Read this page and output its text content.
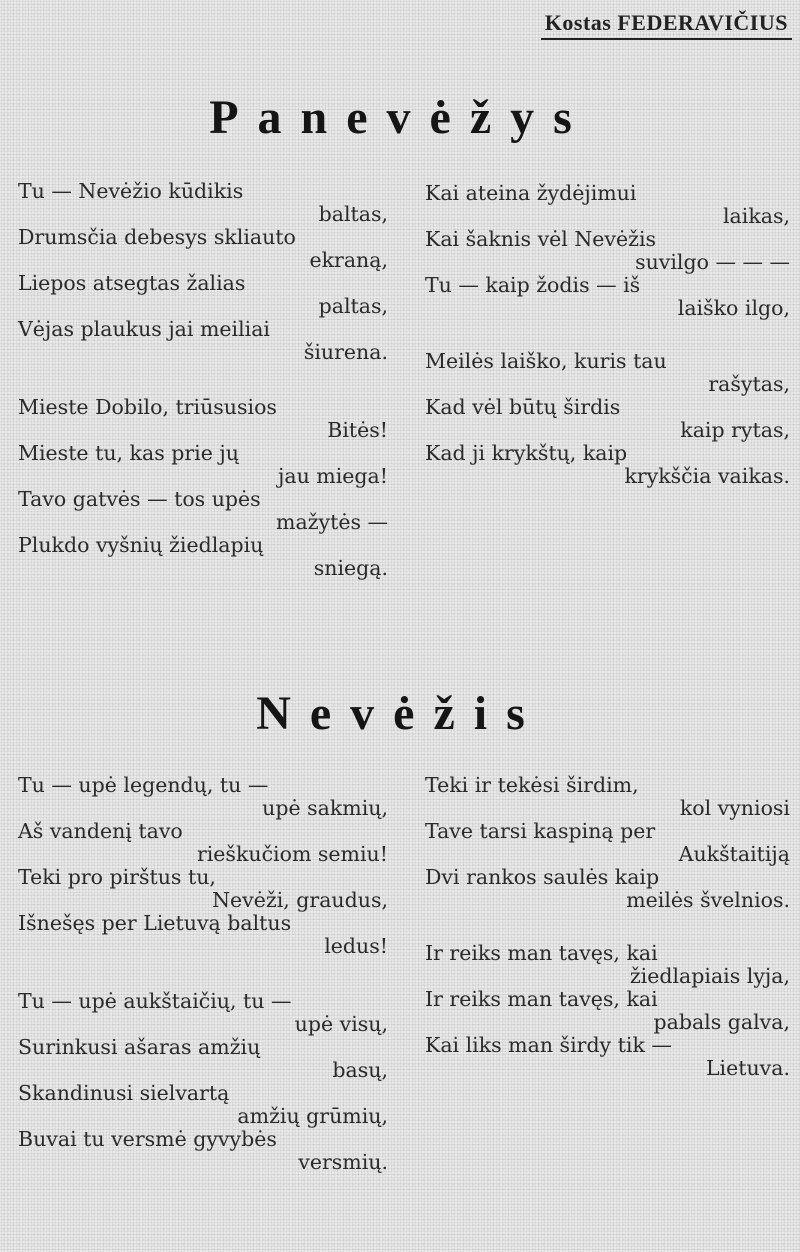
Kostas FEDERAVIČIUS
Panevėžys
Tu — Nevėžio kūdikis
baltas,
Drumsčia debesys skliauto
ekraną,
Liepos atsegtas žalias
paltas,
Vėjas plaukus jai meiliai
šiurena.
Mieste Dobilo, triūsusios
Bitės!
Mieste tu, kas prie jų
jau miega!
Tavo gatvės — tos upės
mažytės —
Plukdo vyšnių žiedlapių
sniegą.
Kai ateina žydėjimui
laikas,
Kai šaknis vėl Nevėžis
suvilgo — — —
Tu — kaip žodis — iš
laiško ilgo,
Meilės laiško, kuris tau
rašytas,
Kad vėl būtų širdis
kaip rytas,
Kad ji krykštų, kaip
krykščia vaikas.
Nevėžis
Tu — upė legendų, tu —
upė sakmių,
Aš vandenį tavo
rieškučiom semiu!
Teki pro pirštus tu,
Nevėži, graudus,
Išnešęs per Lietuvą baltus
ledus!
Tu — upė aukštaičių, tu —
upė visų,
Surinkusi ašaras amžių
basų,
Skandinusi sielvartą
amžių grūmių,
Buvai tu versmė gyvybės
versmių.
Teki ir tekėsi širdim,
kol vyniosi
Tave tarsi kaspiną per
Aukštaitiją
Dvi rankos saulės kaip
meilės švelnios.
Ir reiks man tavęs, kai
žiedlapiais lyja,
Ir reiks man tavęs, kai
pabals galva,
Kai liks man širdy tik —
Lietuva.
